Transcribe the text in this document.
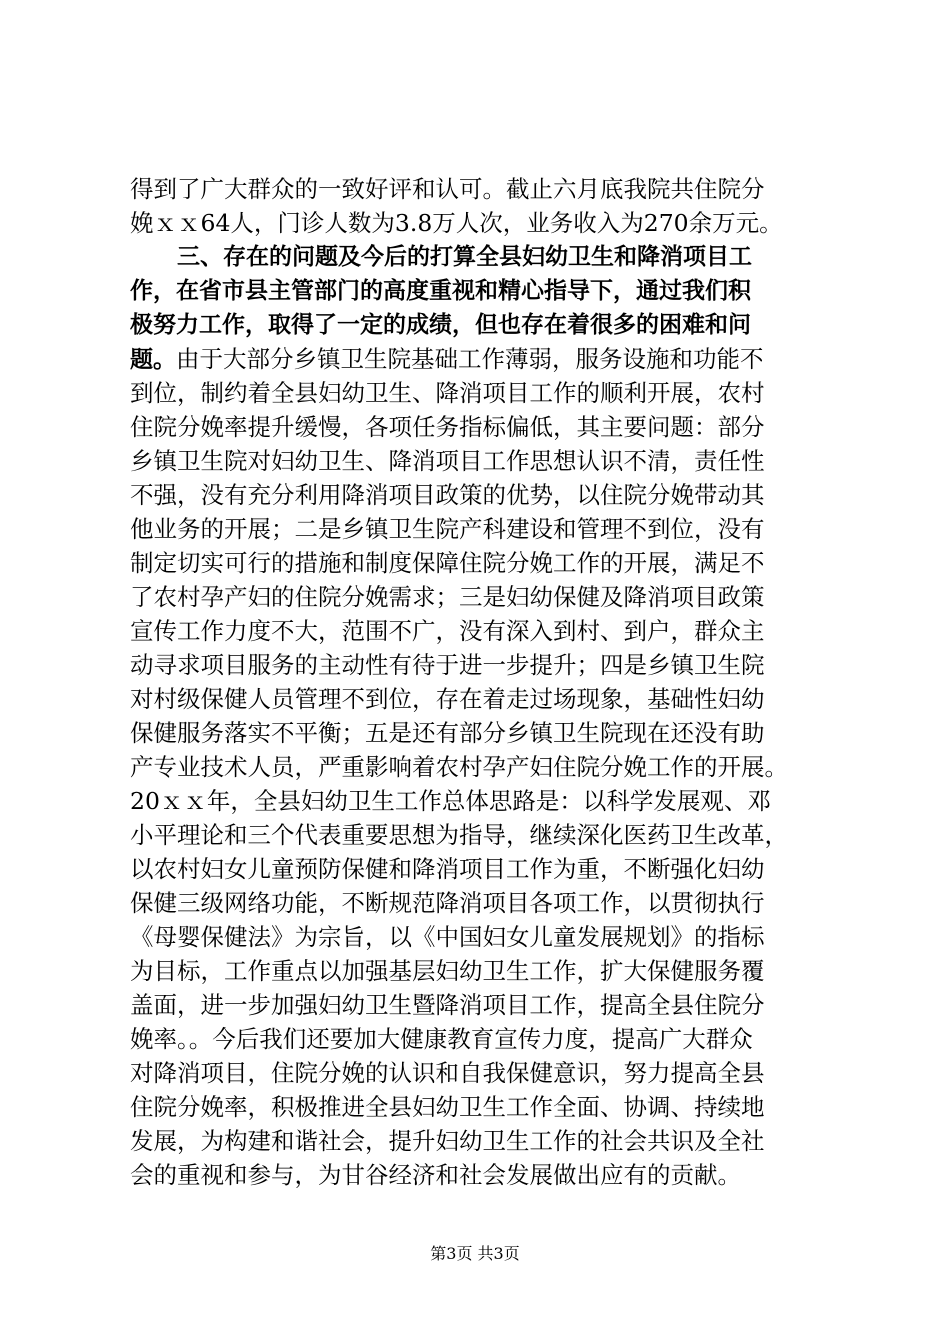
得到了广大群众的一致好评和认可。截止六月底我院共住院分
娩ｘｘ64人，门诊人数为3.8万人次，业务收入为270余万元。
三、存在的问题及今后的打算全县妇幼卫生和降消项目工
作，在省市县主管部门的高度重视和精心指导下，通过我们积
极努力工作，取得了一定的成绩，但也存在着很多的困难和问
题。由于大部分乡镇卫生院基础工作薄弱，服务设施和功能不
到位，制约着全县妇幼卫生、降消项目工作的顺利开展，农村
住院分娩率提升缓慢，各项任务指标偏低，其主要问题：部分
乡镇卫生院对妇幼卫生、降消项目工作思想认识不清，责任性
不强，没有充分利用降消项目政策的优势，以住院分娩带动其
他业务的开展；二是乡镇卫生院产科建设和管理不到位，没有
制定切实可行的措施和制度保障住院分娩工作的开展，满足不
了农村孕产妇的住院分娩需求；三是妇幼保健及降消项目政策
宣传工作力度不大，范围不广，没有深入到村、到户，群众主
动寻求项目服务的主动性有待于进一步提升；四是乡镇卫生院
对村级保健人员管理不到位，存在着走过场现象，基础性妇幼
保健服务落实不平衡；五是还有部分乡镇卫生院现在还没有助
产专业技术人员，严重影响着农村孕产妇住院分娩工作的开展。
20ｘｘ年，全县妇幼卫生工作总体思路是：以科学发展观、邓
小平理论和三个代表重要思想为指导，继续深化医药卫生改革，
以农村妇女儿童预防保健和降消项目工作为重，不断强化妇幼
保健三级网络功能，不断规范降消项目各项工作，以贯彻执行
《母婴保健法》为宗旨，以《中国妇女儿童发展规划》的指标
为目标，工作重点以加强基层妇幼卫生工作，扩大保健服务覆
盖面，进一步加强妇幼卫生暨降消项目工作，提高全县住院分
娩率。。今后我们还要加大健康教育宣传力度，提高广大群众
对降消项目，住院分娩的认识和自我保健意识，努力提高全县
住院分娩率，积极推进全县妇幼卫生工作全面、协调、持续地
发展，为构建和谐社会，提升妇幼卫生工作的社会共识及全社
会的重视和参与，为甘谷经济和社会发展做出应有的贡献。
第3页 共3页
